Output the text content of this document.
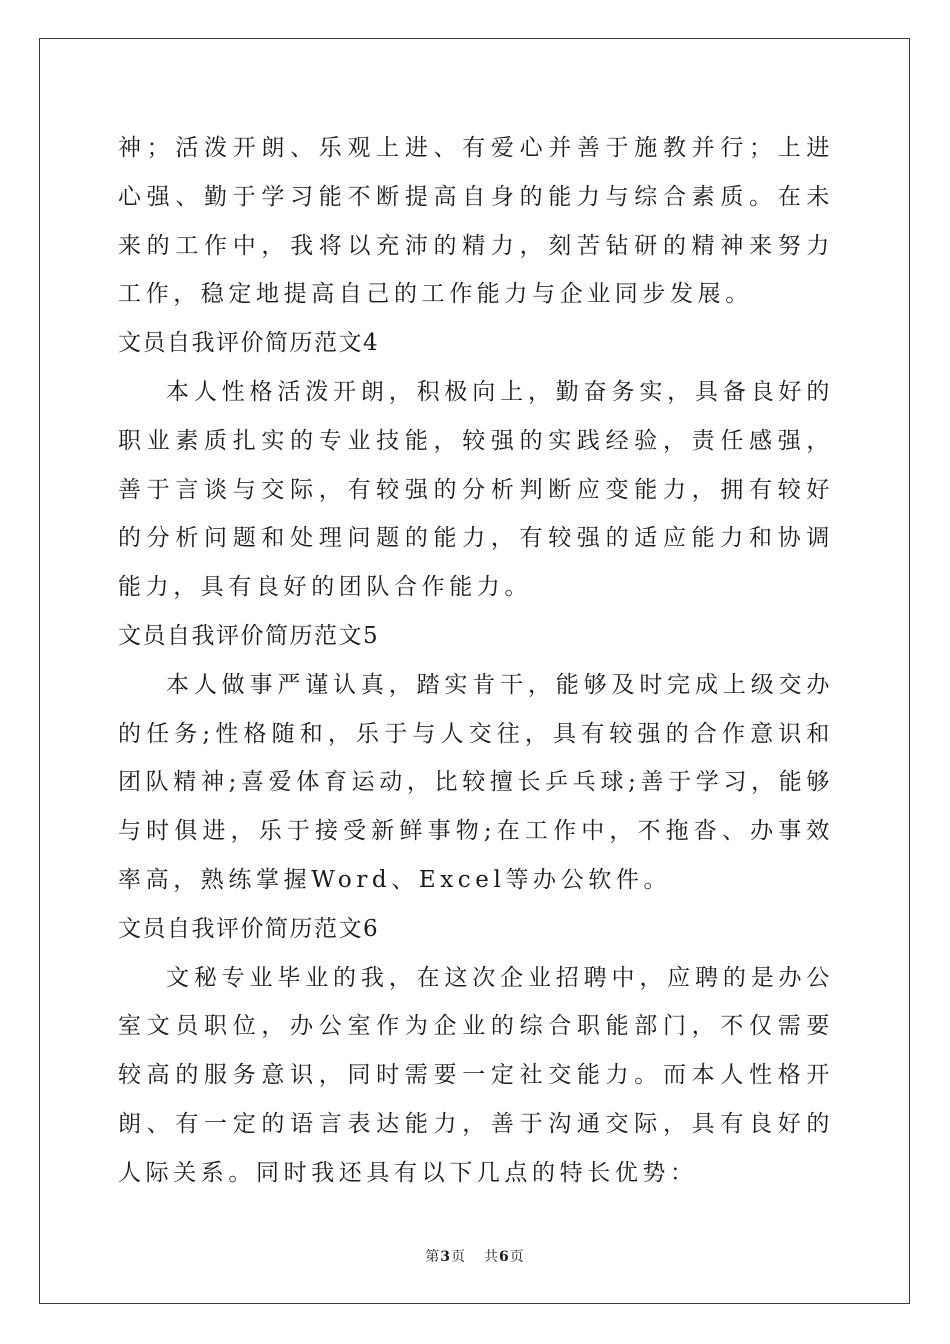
神；活泼开朗、乐观上进、有爱心并善于施教并行；上进心强、勤于学习能不断提高自身的能力与综合素质。在未来的工作中，我将以充沛的精力，刻苦钻研的精神来努力工作，稳定地提高自己的工作能力与企业同步发展。

文员自我评价简历范文4

本人性格活泼开朗，积极向上，勤奋务实，具备良好的职业素质扎实的专业技能，较强的实践经验，责任感强，善于言谈与交际，有较强的分析判断应变能力，拥有较好的分析问题和处理问题的能力，有较强的适应能力和协调能力，具有良好的团队合作能力。

文员自我评价简历范文5

本人做事严谨认真，踏实肯干，能够及时完成上级交办的任务;性格随和，乐于与人交往，具有较强的合作意识和团队精神;喜爱体育运动，比较擅长乒乓球;善于学习，能够与时俱进，乐于接受新鲜事物;在工作中，不拖沓、办事效率高，熟练掌握Word、Excel等办公软件。

文员自我评价简历范文6

文秘专业毕业的我，在这次企业招聘中，应聘的是办公室文员职位，办公室作为企业的综合职能部门，不仅需要较高的服务意识，同时需要一定社交能力。而本人性格开朗、有一定的语言表达能力，善于沟通交际，具有良好的人际关系。同时我还具有以下几点的特长优势：

第3页 共6页
